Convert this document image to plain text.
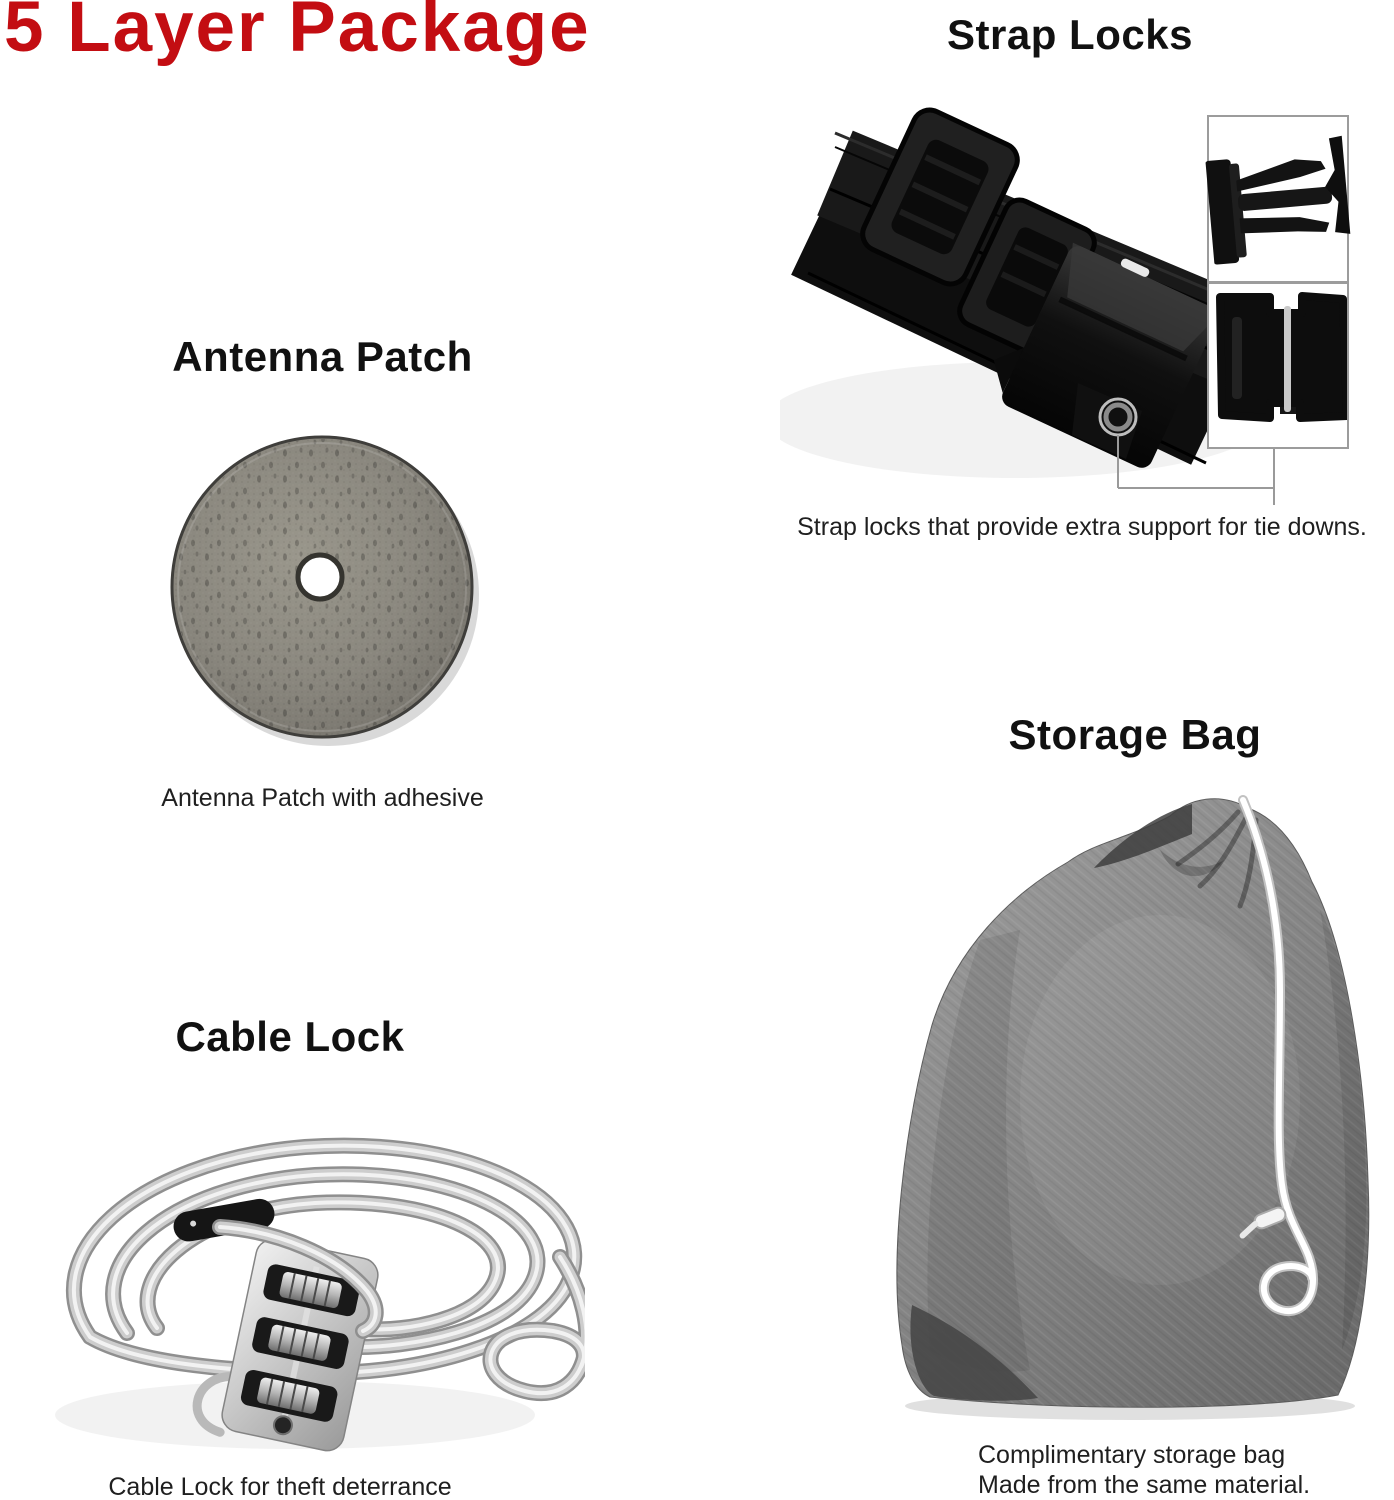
5 Layer Package	Strap Locks
Strap locks that provide extra support for tie downs.
Antenna Patch
Antenna Patch with adhesive
Cable Lock
Cable Lock for theft deterrance
Storage Bag
Complimentary storage bag
Made from the same material.
